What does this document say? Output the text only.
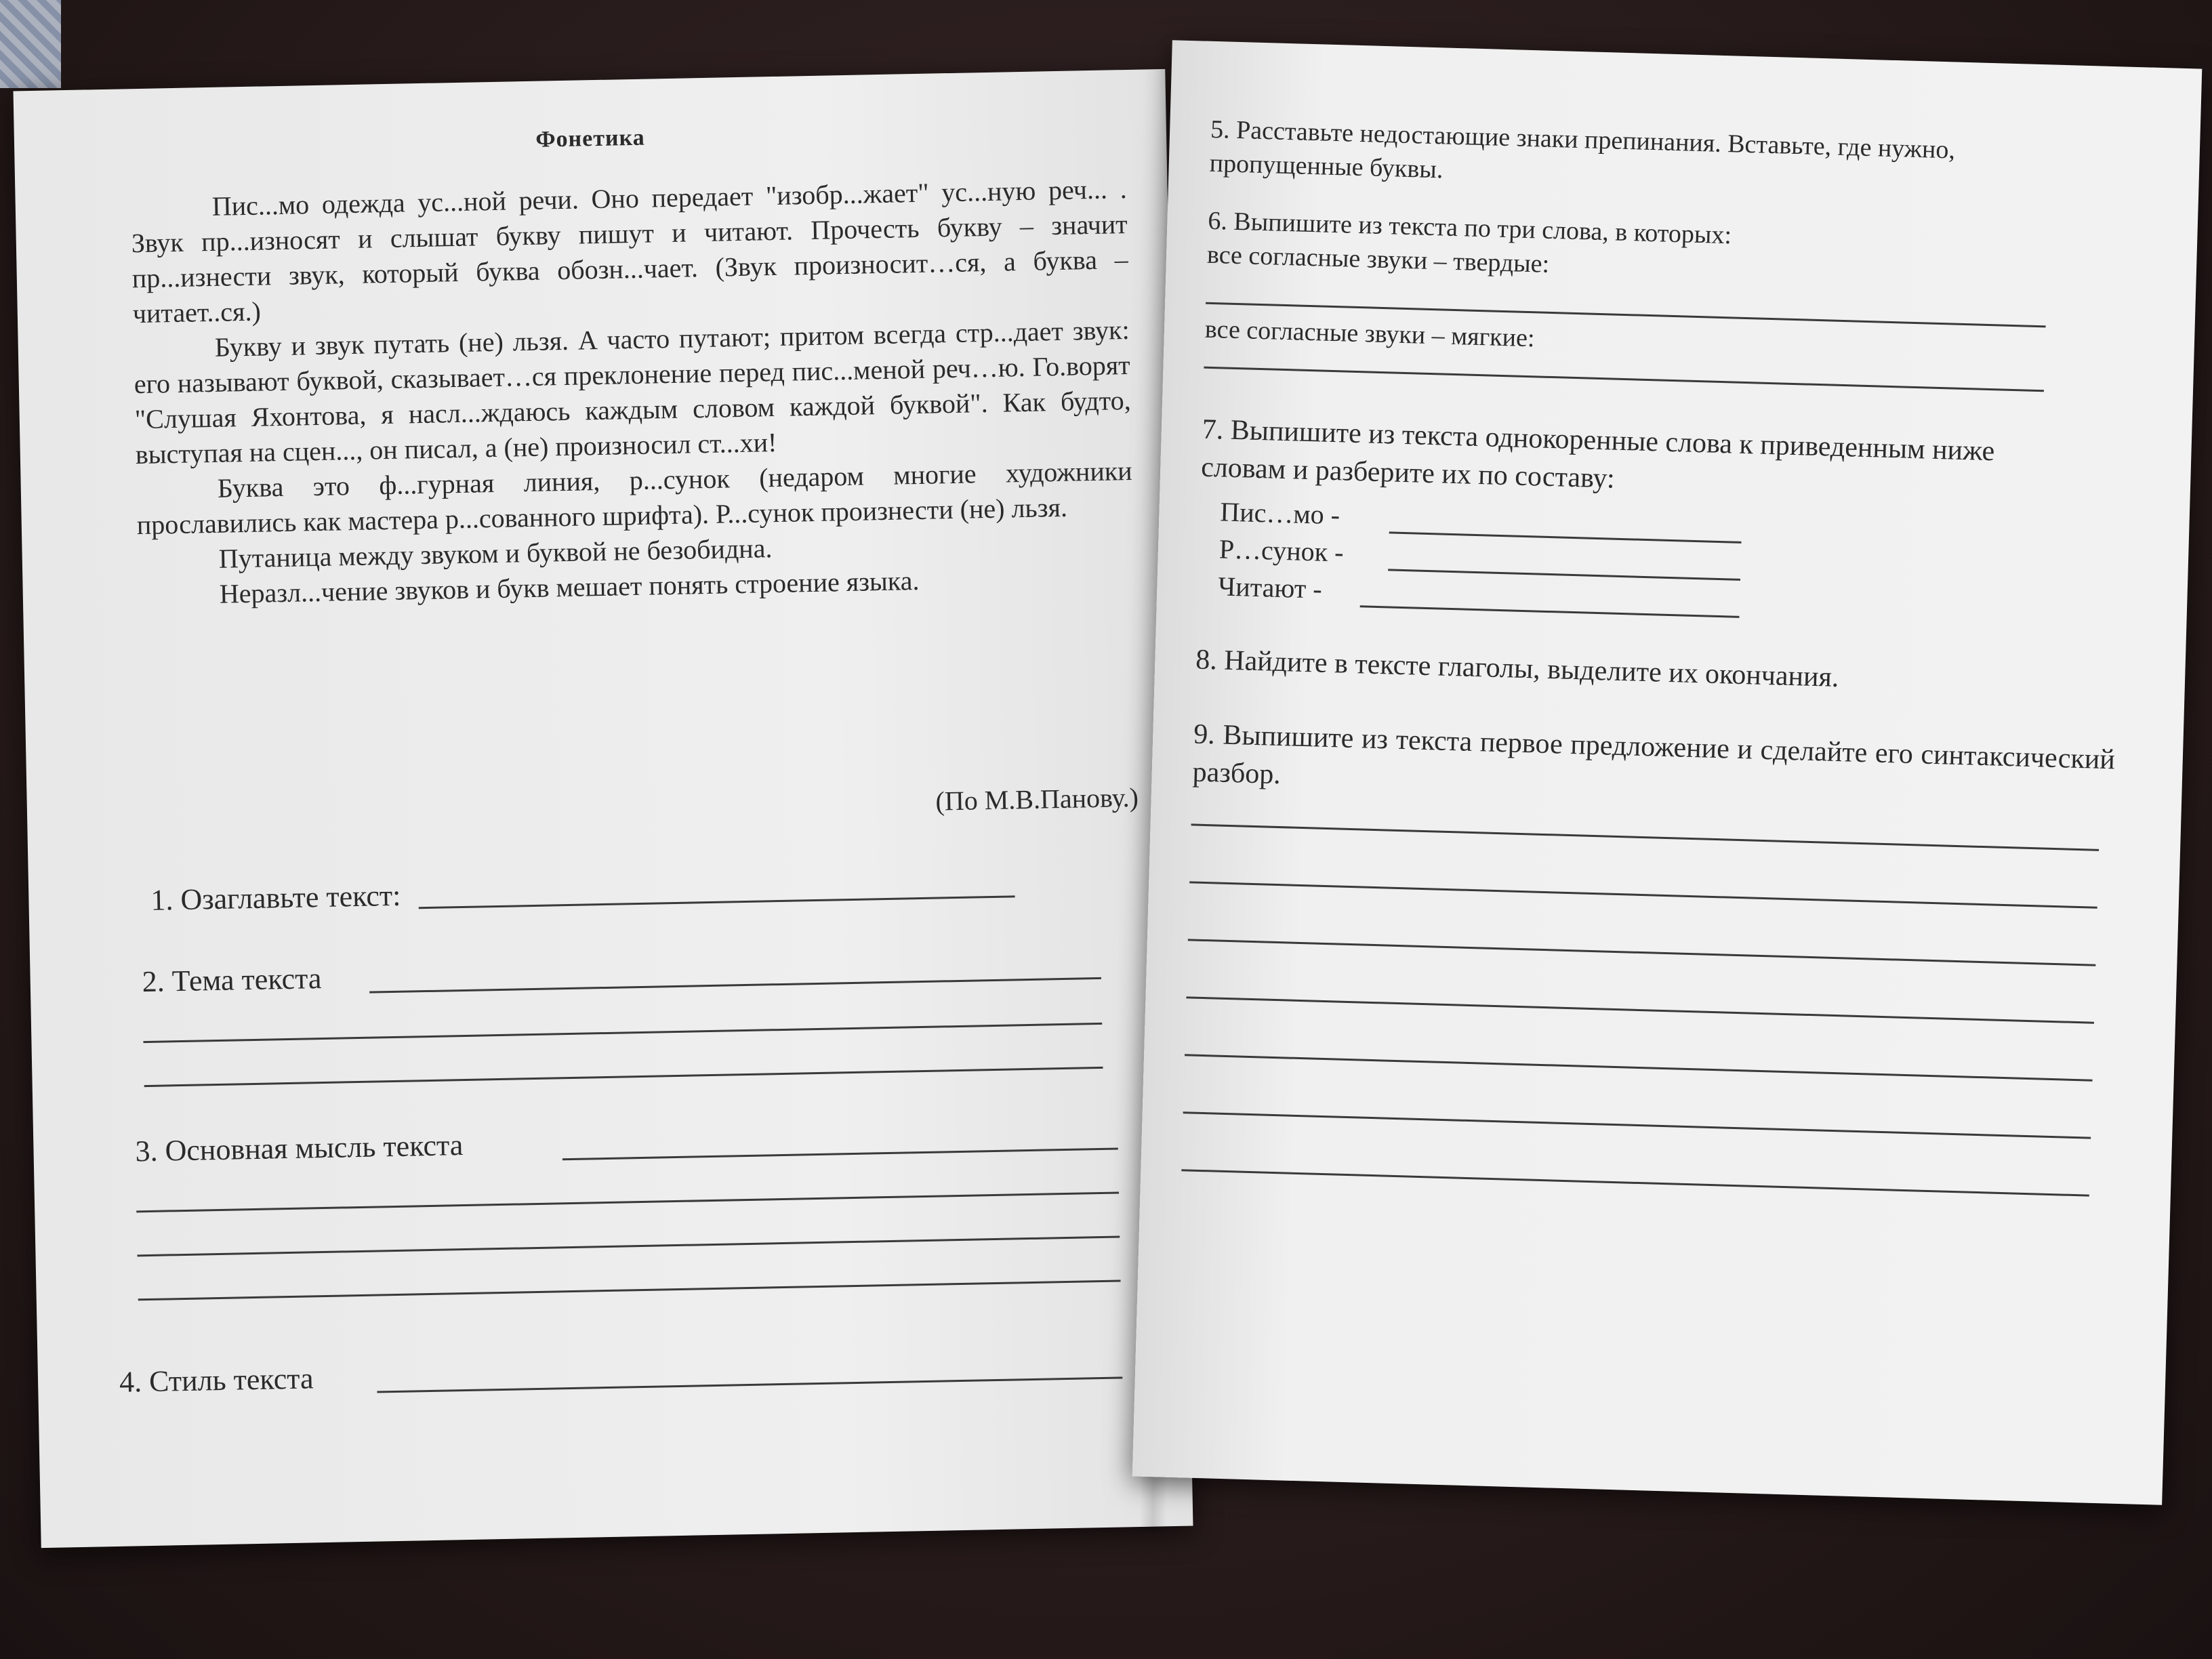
Фонетика

Пис...мо одежда ус...ной речи. Оно передает "изобр...жает" ус...ную реч... . Звук пр...износят и слышат букву пишут и читают. Прочесть букву – значит пр...изнести звук, который буква обозн...чает. (Звук произносит…ся, а буква – читает..ся.)

Букву и звук путать (не) льзя. А часто путают; притом всегда стр...дает звук: его называют буквой, сказывает…ся преклонение перед пис...меной реч…ю. Го.ворят "Слушая Яхонтова, я насл...ждаюсь каждым словом каждой буквой". Как будто, выступая на сцен..., он писал, а (не) произносил ст...хи!

Буква это ф...гурная линия, р...сунок (недаром многие художники прославились как мастера р...сованного шрифта). Р...сунок произнести (не) льзя.

Путаница между звуком и буквой не безобидна.

Неразл...чение звуков и букв мешает понять строение языка.

(По М.В.Панову.)
1. Озаглавьте текст:
2. Тема текста
3. Основная мысль текста
4. Стиль текста
5. Расставьте недостающие знаки препинания. Вставьте, где нужно, пропущенные буквы.
6. Выпишите из текста по три слова, в которых:
все согласные звуки – твердые:
все согласные звуки – мягкие:
7. Выпишите из текста однокоренные слова к приведенным ниже словам и разберите их по составу:
Пис…мо -
Р…сунок -
Читают -
8. Найдите в тексте глаголы, выделите их окончания.
9. Выпишите из текста первое предложение и сделайте его синтаксический разбор.
